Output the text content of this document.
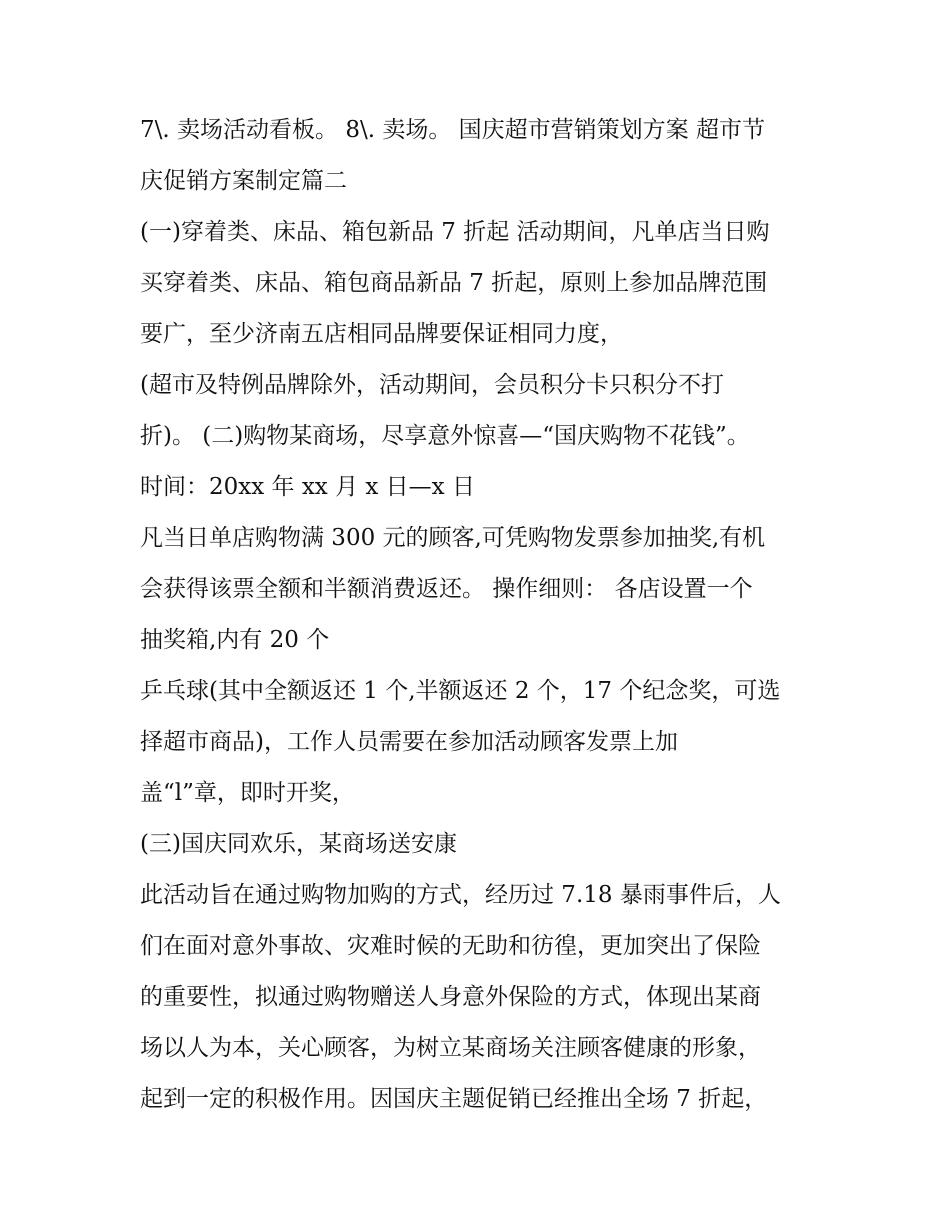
7\. 卖场活动看板。 8\. 卖场。 国庆超市营销策划方案 超市节
庆促销方案制定篇二
(一)穿着类、床品、箱包新品 7 折起 活动期间，凡单店当日购
买穿着类、床品、箱包商品新品 7 折起，原则上参加品牌范围
要广，至少济南五店相同品牌要保证相同力度，
(超市及特例品牌除外，活动期间，会员积分卡只积分不打
折)。 (二)购物某商场，尽享意外惊喜—“国庆购物不花钱”。
时间：20xx 年 xx 月 x 日—x 日
凡当日单店购物满 300 元的顾客,可凭购物发票参加抽奖,有机
会获得该票全额和半额消费返还。 操作细则： 各店设置一个
抽奖箱,内有 20 个
乒乓球(其中全额返还 1 个,半额返还 2 个，17 个纪念奖，可选
择超市商品)，工作人员需要在参加活动顾客发票上加
盖“l”章，即时开奖，
(三)国庆同欢乐，某商场送安康
此活动旨在通过购物加购的方式，经历过 7.18 暴雨事件后，人
们在面对意外事故、灾难时候的无助和彷徨，更加突出了保险
的重要性，拟通过购物赠送人身意外保险的方式，体现出某商
场以人为本，关心顾客，为树立某商场关注顾客健康的形象，
起到一定的积极作用。因国庆主题促销已经推出全场 7 折起，
